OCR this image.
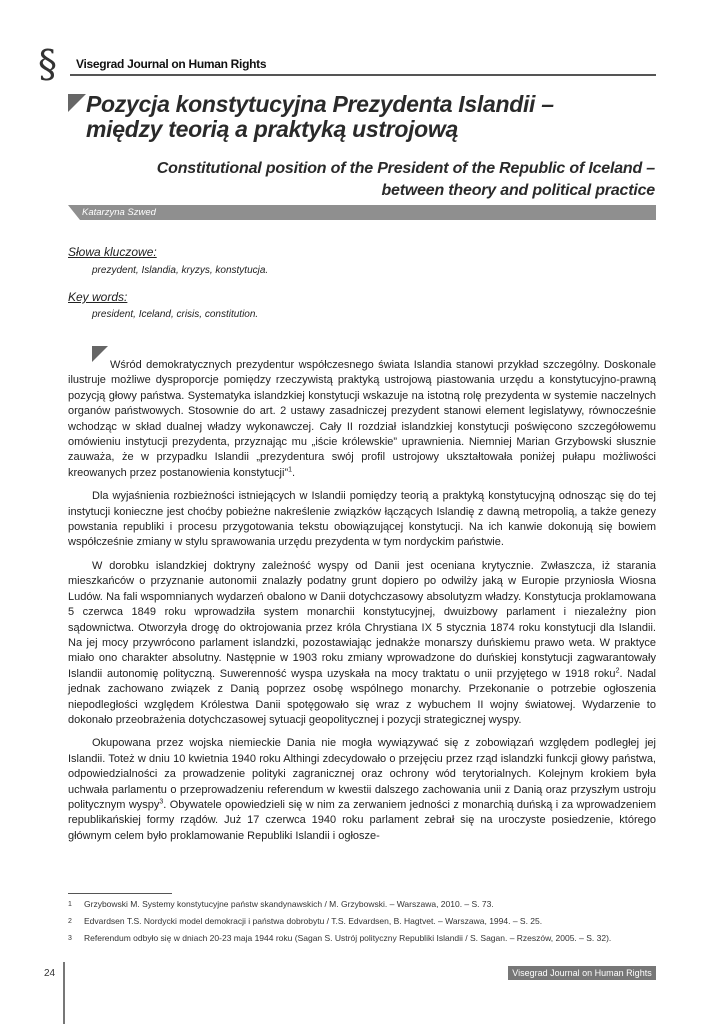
§ Visegrad Journal on Human Rights
Pozycja konstytucyjna Prezydenta Islandii –
między teorią a praktyką ustrojową
Constitutional position of the President of the Republic of Iceland –
between theory and political practice
Katarzyna Szwed
Słowa kluczowe:
prezydent, Islandia, kryzys, konstytucja.
Key words:
president, Iceland, crisis, constitution.

Wśród demokratycznych prezydentur współczesnego świata Islandia stanowi przykład szczególny. Doskonale ilustruje możliwe dysproporcje pomiędzy rzeczywistą praktyką ustrojową piastowania urzędu a konstytucyjno-prawną pozycją głowy państwa. Systematyka islandzkiej konstytucji wskazuje na istotną rolę prezydenta w systemie naczelnych organów państwowych. Stosownie do art. 2 ustawy zasadniczej prezydent stanowi element legislatywy, równocześnie wchodząc w skład dualnej władzy wykonawczej. Cały II rozdział islandzkiej konstytucji poświęcono szczegółowemu omówieniu instytucji prezydenta, przyznając mu „iście królewskie” uprawnienia. Niemniej Marian Grzybowski słusznie zauważa, że w przypadku Islandii „prezydentura swój profil ustrojowy ukształtowała poniżej pułapu możliwości kreowanych przez postanowienia konstytucji”$^1$.

Dla wyjaśnienia rozbieżności istniejących w Islandii pomiędzy teorią a praktyką konstytucyjną odnosząc się do tej instytucji konieczne jest choćby pobieżne nakreślenie związków łączących Islandię z dawną metropolią, a także genezy powstania republiki i procesu przygotowania tekstu obowiązującej konstytucji. Na ich kanwie dokonują się bowiem współcześnie zmiany w stylu sprawowania urzędu prezydenta w tym nordyckim państwie.

W dorobku islandzkiej doktryny zależność wyspy od Danii jest oceniana krytycznie. Zwłaszcza, iż starania mieszkańców o przyznanie autonomii znalazły podatny grunt dopiero po odwilży jaką w Europie przyniosła Wiosna Ludów. Na fali wspomnianych wydarzeń obalono w Danii dotychczasowy absolutyzm władzy. Konstytucja proklamowana 5 czerwca 1849 roku wprowadziła system monarchii konstytucyjnej, dwuizbowy parlament i niezależny pion sądownictwa. Otworzyła drogę do oktrojowania przez króla Chrystiana IX 5 stycznia 1874 roku konstytucji dla Islandii. Na jej mocy przywrócono parlament islandzki, pozostawiając jednakże monarszy duńskiemu prawo weta. W praktyce miało ono charakter absolutny. Następnie w 1903 roku zmiany wprowadzone do duńskiej konstytucji zagwarantowały Islandii autonomię polityczną. Suwerenność wyspa uzyskała na mocy traktatu o unii przyjętego w 1918 roku$^2$. Nadal jednak zachowano związek z Danią poprzez osobę wspólnego monarchy. Przekonanie o potrzebie ogłoszenia niepodległości względem Królestwa Danii spotęgowało się wraz z wybuchem II wojny światowej. Wydarzenie to dokonało przeobrażenia dotychczasowej sytuacji geopolitycznej i pozycji strategicznej wyspy.

Okupowana przez wojska niemieckie Dania nie mogła wywiązywać się z zobowiązań względem podległej jej Islandii. Toteż w dniu 10 kwietnia 1940 roku Althingi zdecydowało o przejęciu przez rząd islandzki funkcji głowy państwa, odpowiedzialności za prowadzenie polityki zagranicznej oraz ochrony wód terytorialnych. Kolejnym krokiem była uchwała parlamentu o przeprowadzeniu referendum w kwestii dalszego zachowania unii z Danią oraz przyszłym ustroju politycznym wyspy$^3$. Obywatele opowiedzieli się w nim za zerwaniem jedności z monarchią duńską i za wprowadzeniem republikańskiej formy rządów. Już 17 czerwca 1940 roku parlament zebrał się na uroczyste posiedzenie, którego głównym celem było proklamowanie Republiki Islandii i ogłosze-

1	Grzybowski M. Systemy konstytucyjne państw skandynawskich / M. Grzybowski. – Warszawa, 2010. – S. 73.
2	Edvardsen T.S. Nordycki model demokracji i państwa dobrobytu / T.S. Edvardsen, B. Hagtvet. – Warszawa, 1994. – S. 25.
3	Referendum odbyło się w dniach 20-23 maja 1944 roku (Sagan S. Ustrój polityczny Republiki Islandii / S. Sagan. – Rzeszów, 2005. – S. 32).
24	Visegrad Journal on Human Rights
